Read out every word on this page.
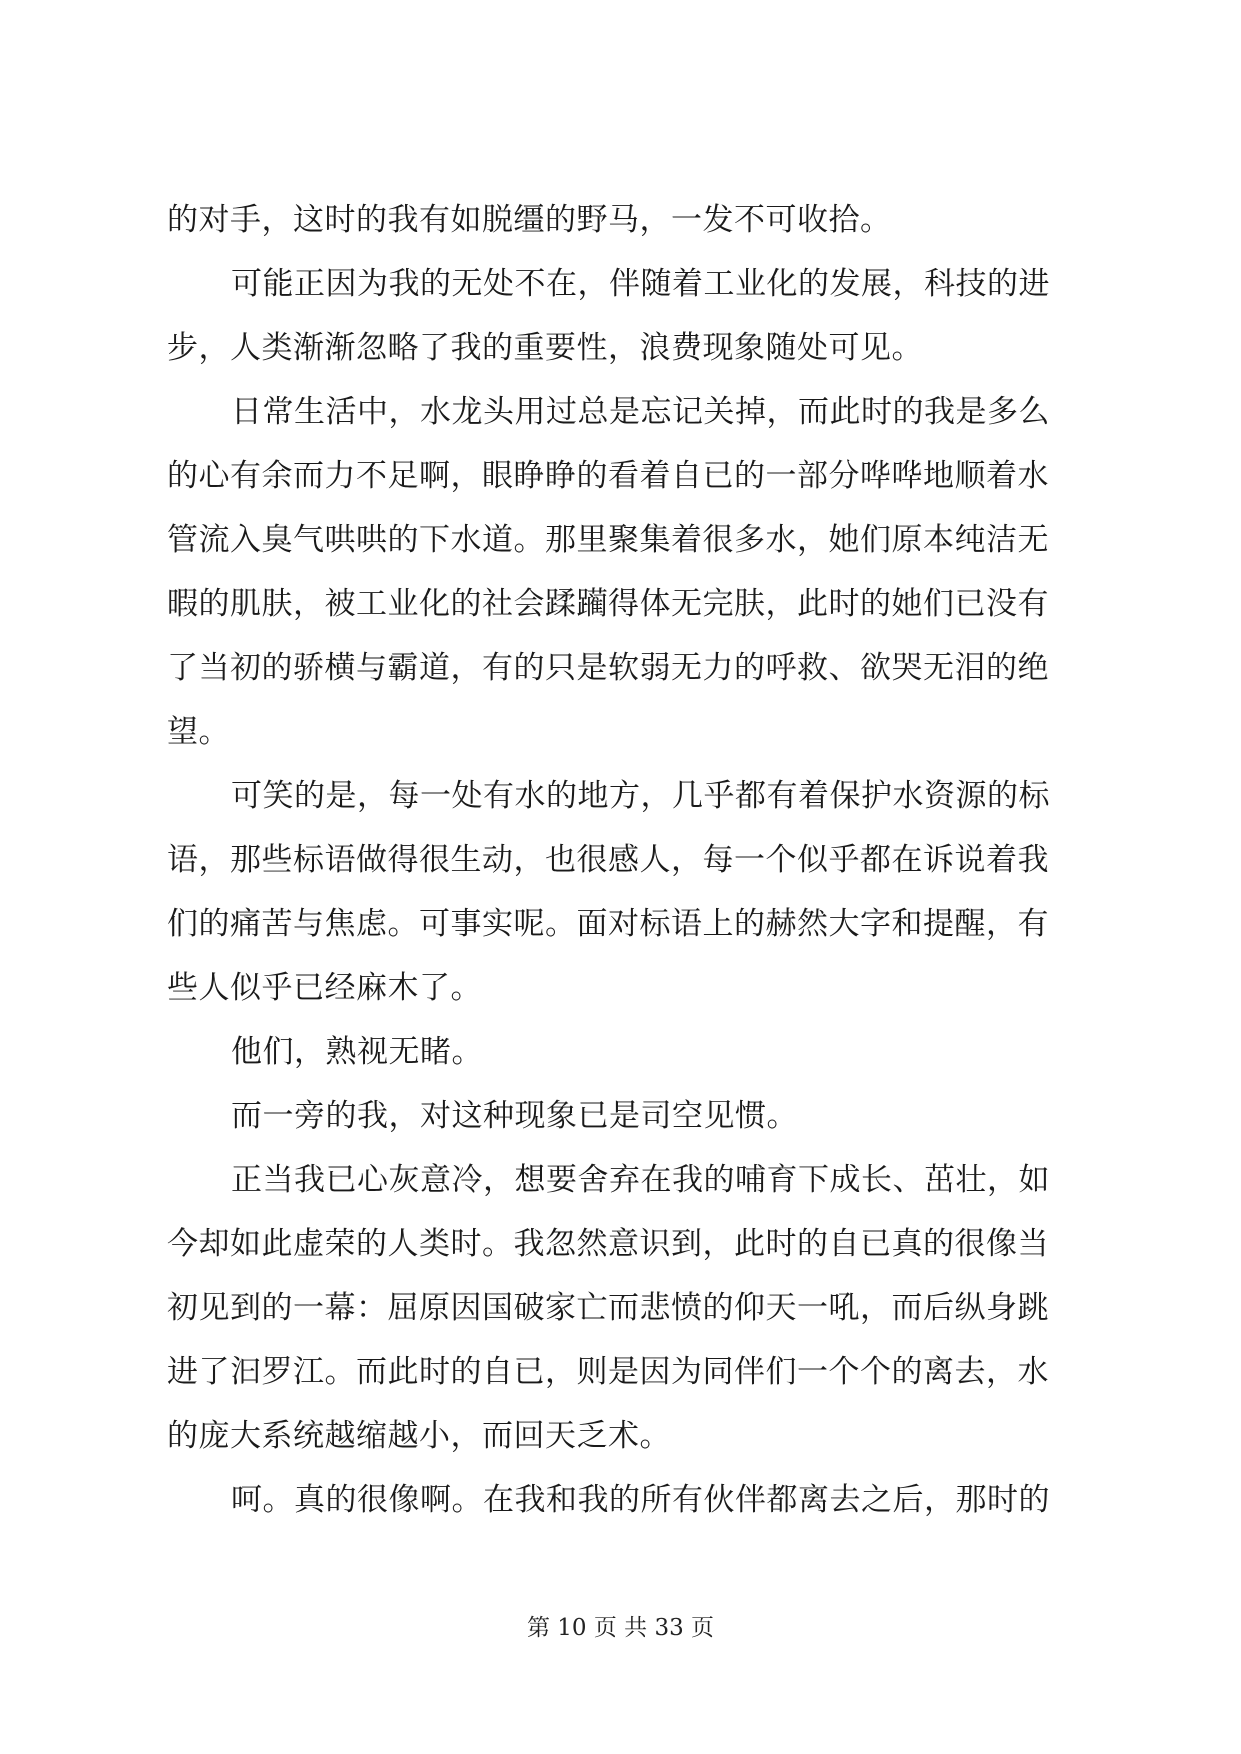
的对手，这时的我有如脱缰的野马，一发不可收拾。
可能正因为我的无处不在，伴随着工业化的发展，科技的进
步，人类渐渐忽略了我的重要性，浪费现象随处可见。
日常生活中，水龙头用过总是忘记关掉，而此时的我是多么
的心有余而力不足啊，眼睁睁的看着自已的一部分哗哗地顺着水
管流入臭气哄哄的下水道。那里聚集着很多水，她们原本纯洁无
暇的肌肤，被工业化的社会蹂躏得体无完肤，此时的她们已没有
了当初的骄横与霸道，有的只是软弱无力的呼救、欲哭无泪的绝
望。
可笑的是，每一处有水的地方，几乎都有着保护水资源的标
语，那些标语做得很生动，也很感人，每一个似乎都在诉说着我
们的痛苦与焦虑。可事实呢。面对标语上的赫然大字和提醒，有
些人似乎已经麻木了。
他们，熟视无睹。
而一旁的我，对这种现象已是司空见惯。
正当我已心灰意冷，想要舍弃在我的哺育下成长、茁壮，如
今却如此虚荣的人类时。我忽然意识到，此时的自已真的很像当
初见到的一幕：屈原因国破家亡而悲愤的仰天一吼，而后纵身跳
进了汩罗江。而此时的自已，则是因为同伴们一个个的离去，水
的庞大系统越缩越小，而回天乏术。
呵。真的很像啊。在我和我的所有伙伴都离去之后，那时的
第 10 页 共 33 页
